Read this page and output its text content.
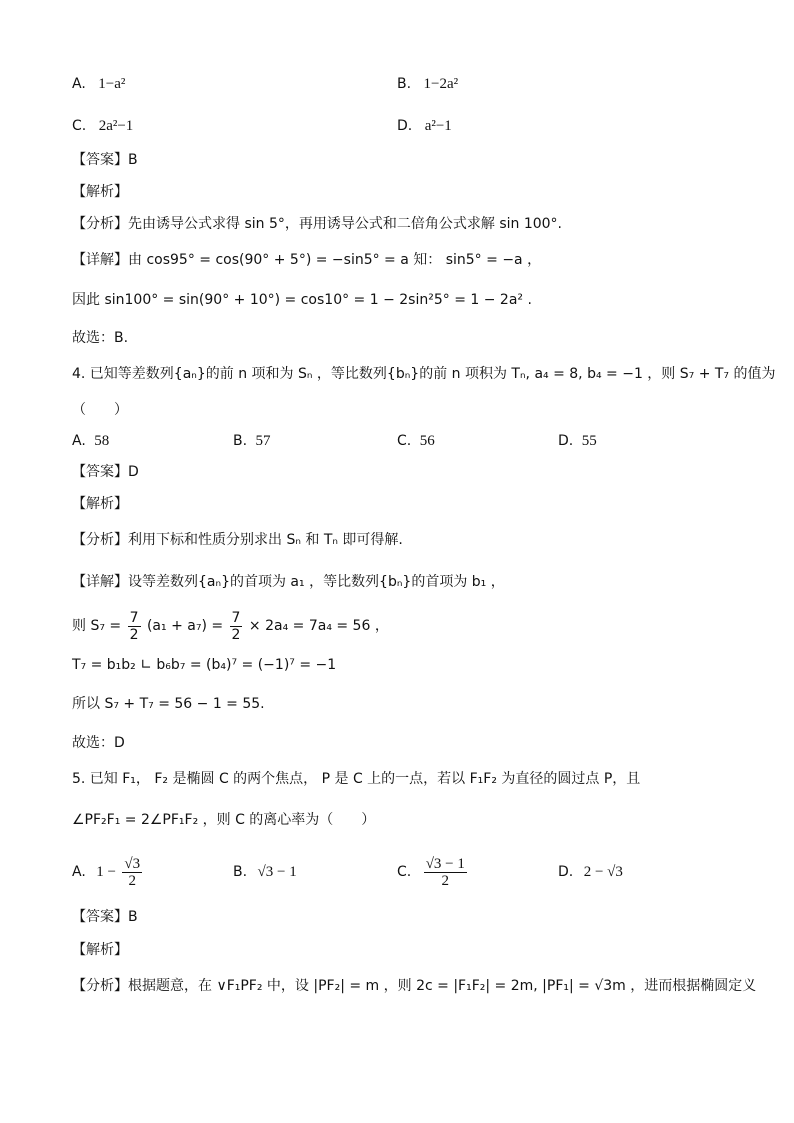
A. 1−a²	B. 1−2a²
C. 2a²−1	D. a²−1
【答案】B
【解析】
【分析】先由诱导公式求得 sin 5°，再用诱导公式和二倍角公式求解 sin 100°.
【详解】由 cos95° = cos(90° + 5°) = −sin5° = a 知： sin5° = −a ，
因此 sin100° = sin(90° + 10°) = cos10° = 1 − 2sin²5° = 1 − 2a² .
故选：B.
4. 已知等差数列{aₙ}的前 n 项和为 Sₙ ，等比数列{bₙ}的前 n 项积为 Tₙ, a₄ = 8, b₄ = −1 ，则 S₇ + T₇ 的值为
（　　）
A. 58	B. 57	C. 56	D. 55
【答案】D
【解析】
【分析】利用下标和性质分别求出 Sₙ 和 Tₙ 即可得解.
【详解】设等差数列{aₙ}的首项为 a₁ ，等比数列{bₙ}的首项为 b₁ ，
则 $S_7 = \frac{7}{2} (a_1 + a_7) = \frac{7}{2} \times 2a_4 = 7a_4 = 56$ ，
T₇ = b₁b₂ ∟ b₆b₇ = (b₄)⁷ = (−1)⁷ = −1
所以 S₇ + T₇ = 56 − 1 = 55.
故选：D
5. 已知 F₁， F₂ 是椭圆 C 的两个焦点， P 是 C 上的一点，若以 F₁F₂ 为直径的圆过点 P，且
∠PF₂F₁ = 2∠PF₁F₂ ，则 C 的离心率为（　　）
A. $1 - \frac{√3}{2}$	B. √3 − 1	C. $\frac{√3 - 1}{2}$	D. 2 − √3
【答案】B
【解析】
【分析】根据题意，在 ∨F₁PF₂ 中，设 |PF₂| = m ，则 2c = |F₁F₂| = 2m, |PF₁| = √3m ，进而根据椭圆定义
